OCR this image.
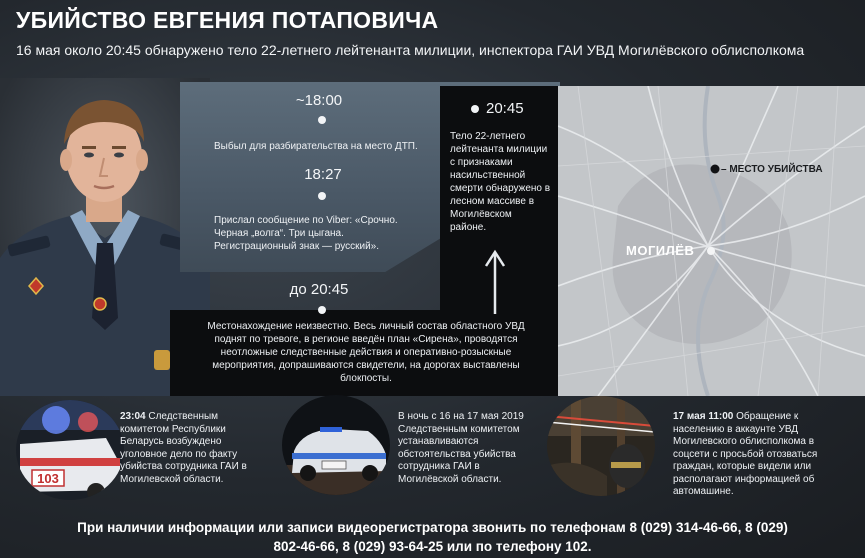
УБИЙСТВО ЕВГЕНИЯ ПОТАПОВИЧА
16 мая около 20:45 обнаружено тело 22-летнего лейтенанта милиции, инспектора ГАИ УВД Могилёвского облисполкома
~18:00
Выбыл для разбирательства на место ДТП.
18:27
Прислал сообщение по Viber: «Срочно.
Черная „волга“. Три цыгана.
Регистрационный знак — русский».
20:45
Тело 22-летнего
лейтенанта милиции
с признаками
насильственной
смерти обнаружено в
лесном массиве в
Могилёвском
районе.
до 20:45
Местонахождение неизвестно. Весь личный состав областного УВД
поднят по тревоге, в регионе введён план «Сирена», проводятся
неотложные следственные действия и оперативно-розыскные
мероприятия, допрашиваются свидетели, на дорогах выставлены
блокпосты.
– МЕСТО УБИЙСТВА
МОГИЛЁВ
103
23:04 Следственным
комитетом Республики
Беларусь возбуждено
уголовное дело по факту
убийства сотрудника ГАИ в
Могилевской области.
В ночь с 16 на 17 мая 2019
Следственным комитетом
устанавливаются
обстоятельства убийства
сотрудника ГАИ в
Могилёвской области.
17 мая 11:00 Обращение к
населению в аккаунте УВД
Могилевского облисполкома в
соцсети с просьбой отозваться
граждан, которые видели или
располагают информацией об
автомашине.
При наличии информации или записи видеорегистратора звонить по телефонам 8 (029) 314-46-66, 8 (029)
802-46-66, 8 (029) 93-64-25 или по телефону 102.
